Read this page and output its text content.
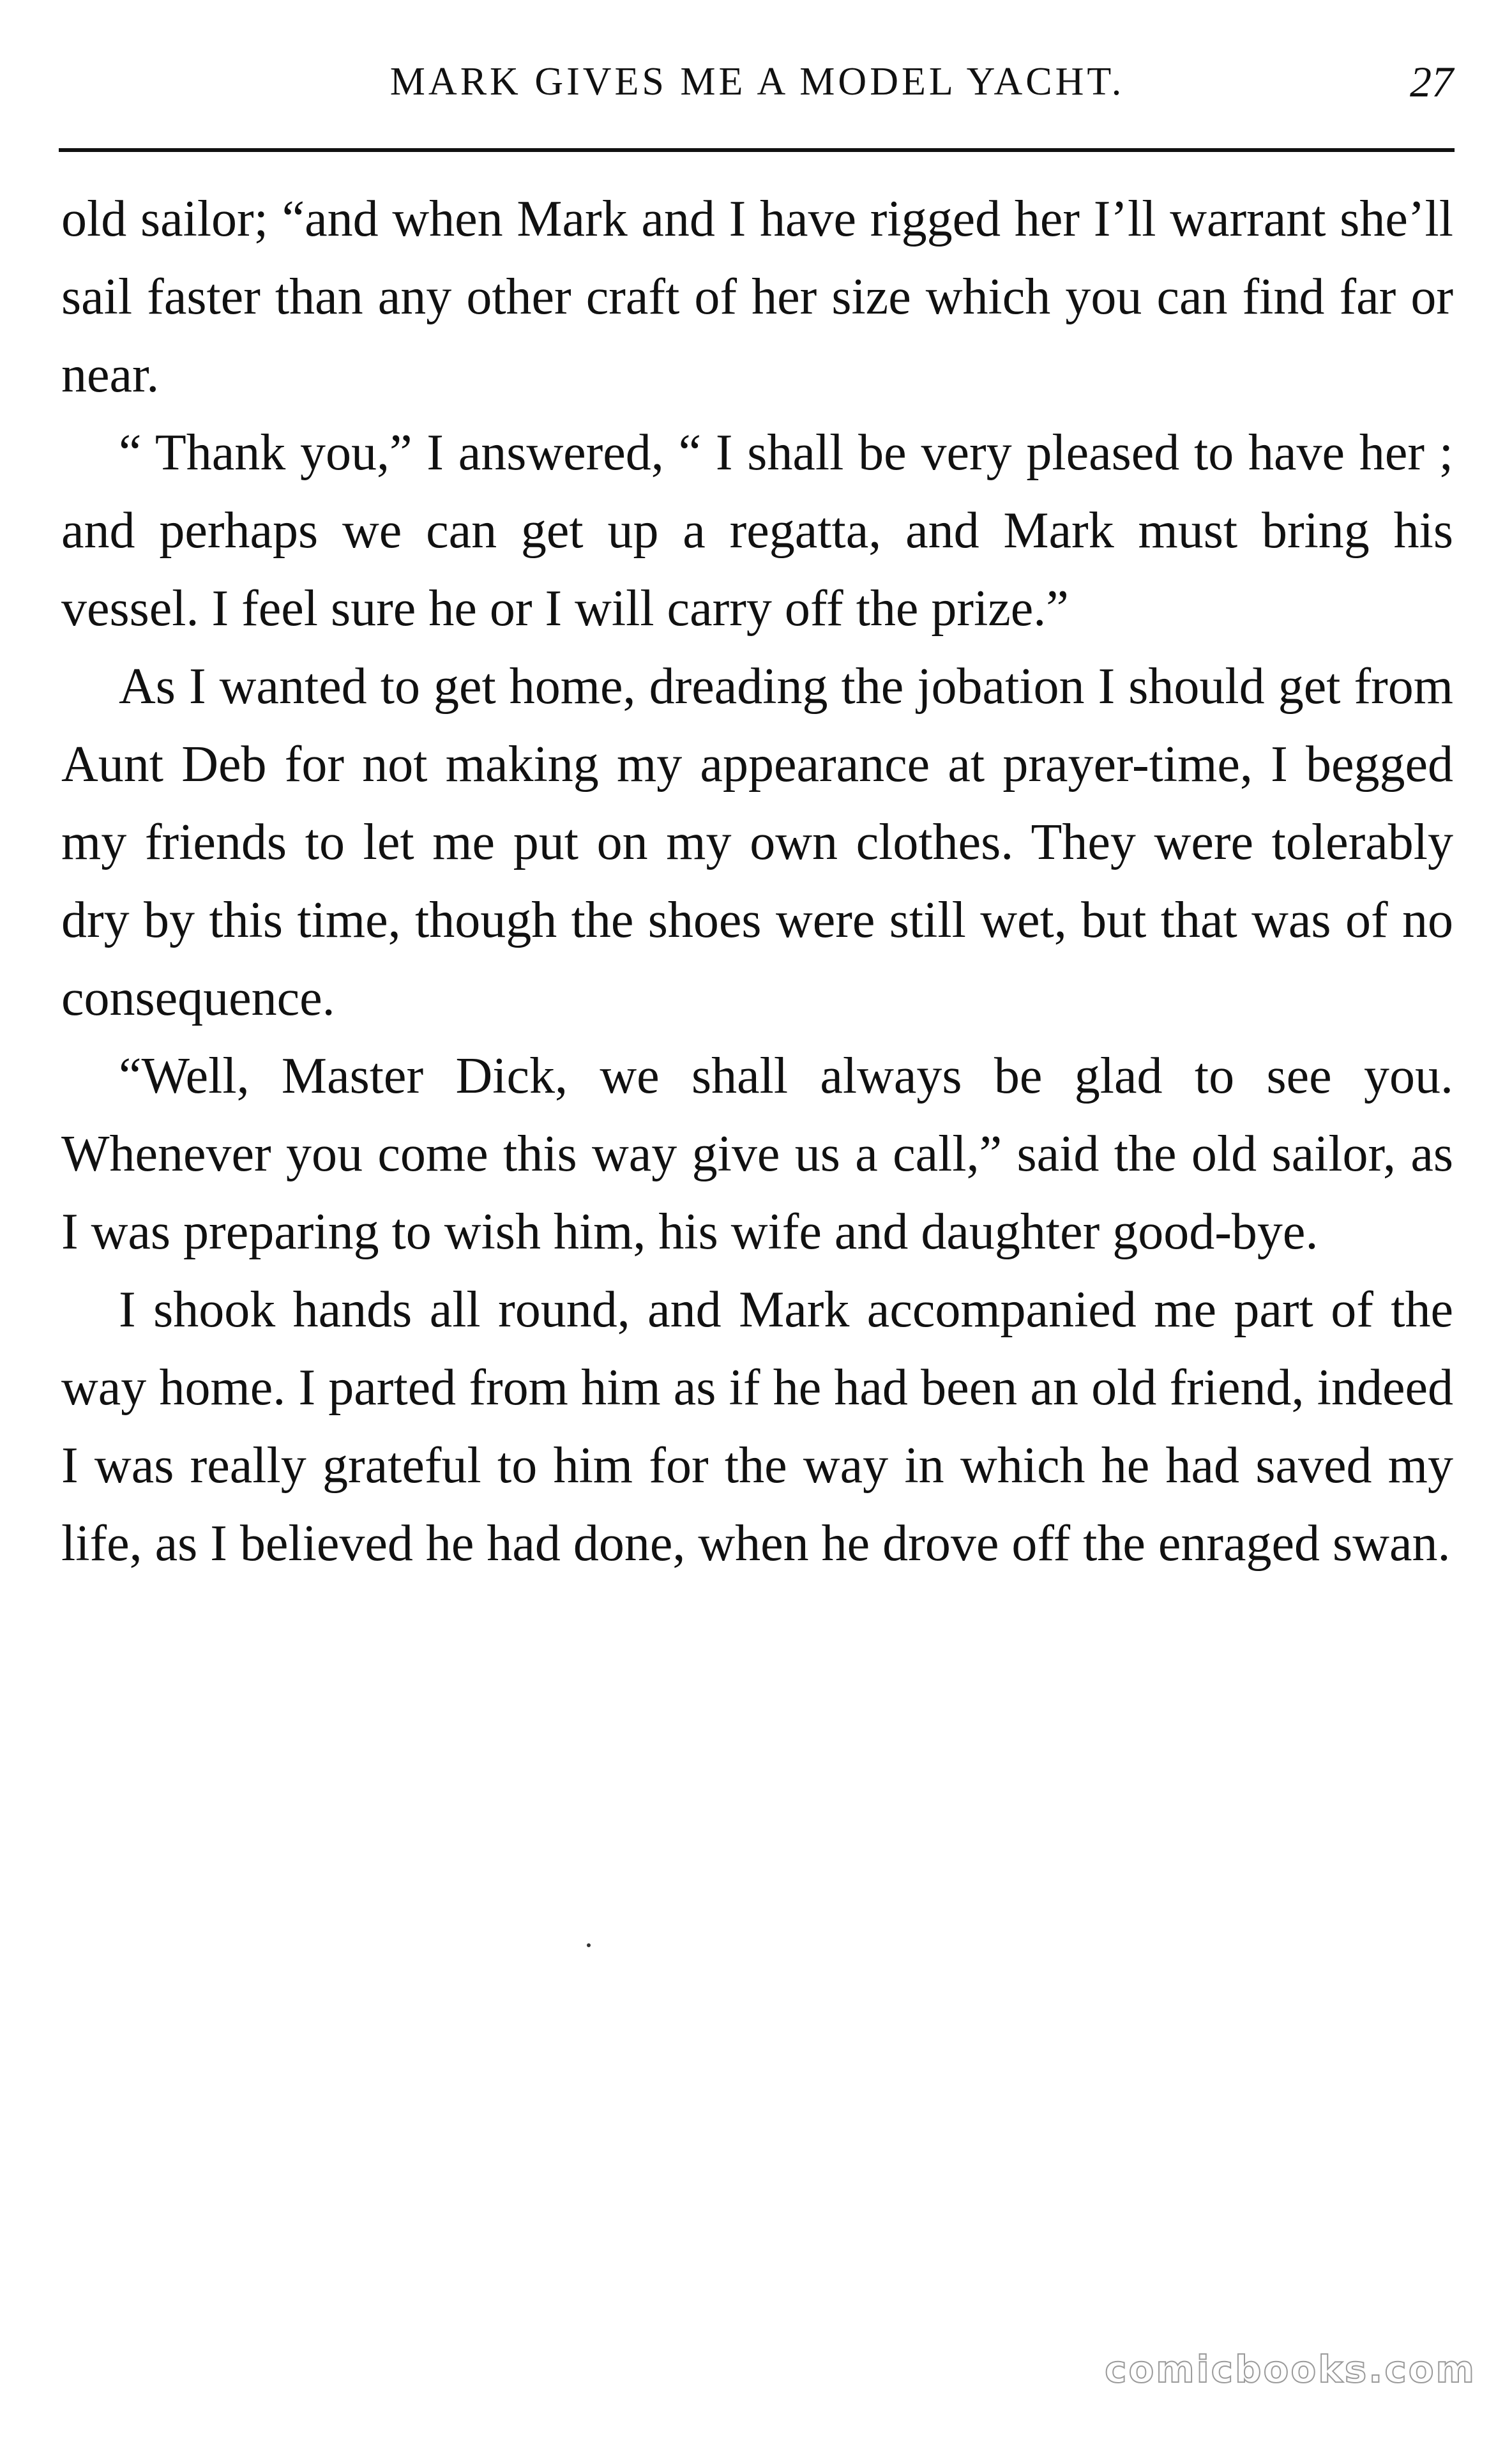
MARK GIVES ME A MODEL YACHT.	27

old sailor; “and when Mark and I have rigged her I’ll warrant she’ll sail faster than any other craft of her size which you can find far or near.

“ Thank you,” I answered, “ I shall be very pleased to have her ; and perhaps we can get up a regatta, and Mark must bring his vessel. I feel sure he or I will carry off the prize.”

As I wanted to get home, dreading the jobation I should get from Aunt Deb for not making my appearance at prayer-time, I begged my friends to let me put on my own clothes. They were tolerably dry by this time, though the shoes were still wet, but that was of no consequence.

“Well, Master Dick, we shall always be glad to see you. Whenever you come this way give us a call,” said the old sailor, as I was preparing to wish him, his wife and daughter good-bye.

I shook hands all round, and Mark accompanied me part of the way home. I parted from him as if he had been an old friend, indeed I was really grateful to him for the way in which he had saved my life, as I believed he had done, when he drove off the enraged swan.

comicbooks.com
